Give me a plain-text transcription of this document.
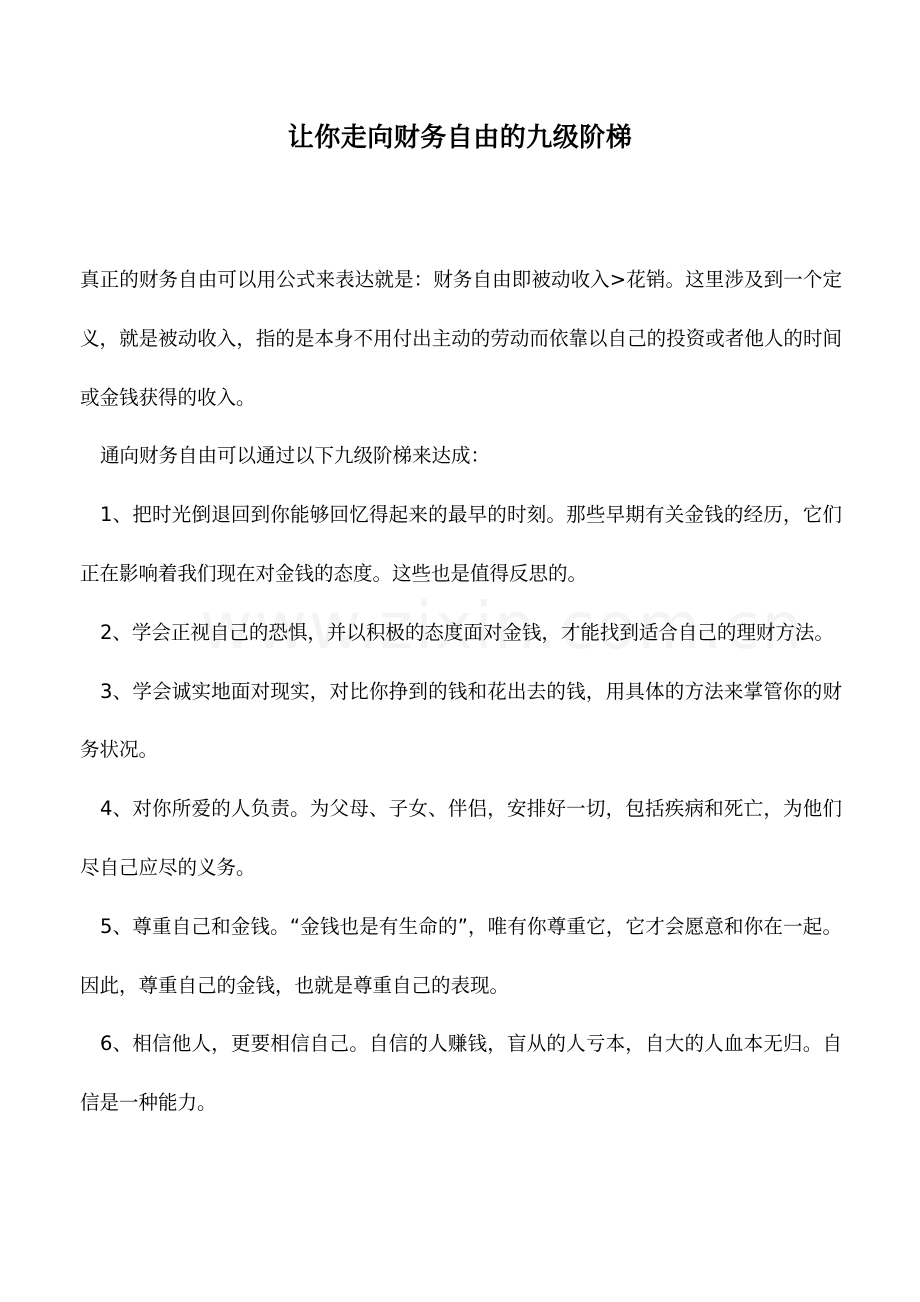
让你走向财务自由的九级阶梯

真正的财务自由可以用公式来表达就是：财务自由即被动收入>花销。这里涉及到一个定义，就是被动收入，指的是本身不用付出主动的劳动而依靠以自己的投资或者他人的时间或金钱获得的收入。

通向财务自由可以通过以下九级阶梯来达成：

1、把时光倒退回到你能够回忆得起来的最早的时刻。那些早期有关金钱的经历，它们正在影响着我们现在对金钱的态度。这些也是值得反思的。

2、学会正视自己的恐惧，并以积极的态度面对金钱，才能找到适合自己的理财方法。

3、学会诚实地面对现实，对比你挣到的钱和花出去的钱，用具体的方法来掌管你的财务状况。

4、对你所爱的人负责。为父母、子女、伴侣，安排好一切，包括疾病和死亡，为他们尽自己应尽的义务。

5、尊重自己和金钱。“金钱也是有生命的”，唯有你尊重它，它才会愿意和你在一起。因此，尊重自己的金钱，也就是尊重自己的表现。

6、相信他人，更要相信自己。自信的人赚钱，盲从的人亏本，自大的人血本无归。自信是一种能力。
